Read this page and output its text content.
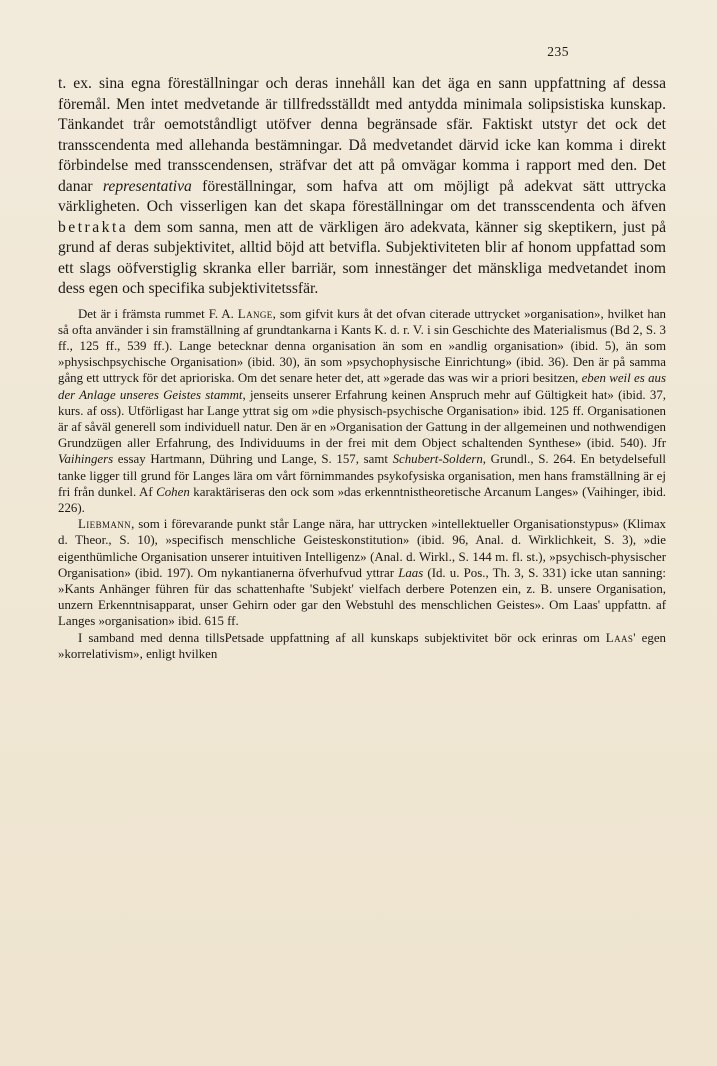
235

t. ex. sina egna föreställningar och deras innehåll kan det äga en sann uppfattning af dessa föremål. Men intet medvetande är tillfredsställdt med antydda minimala solipsistiska kunskap. Tänkandet trår oemotståndligt utöfver denna begränsade sfär. Faktiskt utstyr det ock det transscendenta med allehanda bestämningar. Då medvetandet därvid icke kan komma i direkt förbindelse med transscendensen, sträfvar det att på omvägar komma i rapport med den. Det danar representativa föreställningar, som hafva att om möjligt på adekvat sätt uttrycka värkligheten. Och visserligen kan det skapa föreställningar om det transscendenta och äfven betrakta dem som sanna, men att de värkligen äro adekvata, känner sig skeptikern, just på grund af deras subjektivitet, alltid böjd att betvifla. Subjektiviteten blir af honom uppfattad som ett slags oöfverstiglig skranka eller barriär, som innestänger det mänskliga medvetandet inom dess egen och specifika subjektivitetssfär.

Det är i främsta rummet F. A. Lange, som gifvit kurs åt det ofvan citerade uttrycket »organisation», hvilket han så ofta använder i sin framställning af grundtankarna i Kants K. d. r. V. i sin Geschichte des Materialismus (Bd 2, S. 3 ff., 125 ff., 539 ff.). Lange betecknar denna organisation än som en »andlig organisation» (ibid. 5), än som »physischpsychische Organisation» (ibid. 30), än som »psychophysische Einrichtung» (ibid. 36). Den är på samma gång ett uttryck för det aprioriska. Om det senare heter det, att »gerade das was wir a priori besitzen, eben weil es aus der Anlage unseres Geistes stammt, jenseits unserer Erfahrung keinen Anspruch mehr auf Gültigkeit hat» (ibid. 37, kurs. af oss). Utförligast har Lange yttrat sig om »die physisch-psychische Organisation» ibid. 125 ff. Organisationen är af såväl generell som individuell natur. Den är en »Organisation der Gattung in der allgemeinen und nothwendigen Grundzügen aller Erfahrung, des Individuums in der frei mit dem Object schaltenden Synthese» (ibid. 540). Jfr Vaihingers essay Hartmann, Dühring und Lange, S. 157, samt Schubert-Soldern, Grundl., S. 264. En betydelsefull tanke ligger till grund för Langes lära om vårt förnimmandes psykofysiska organisation, men hans framställning är ej fri från dunkel. Af Cohen karaktäriseras den ock som »das erkenntnistheoretische Arcanum Langes» (Vaihinger, ibid. 226).

Liebmann, som i förevarande punkt står Lange nära, har uttrycken »intellektueller Organisationstypus» (Klimax d. Theor., S. 10), »specifisch menschliche Geisteskonstitution» (ibid. 96, Anal. d. Wirklichkeit, S. 3), »die eigenthümliche Organisation unserer intuitiven Intelligenz» (Anal. d. Wirkl., S. 144 m. fl. st.), »psychisch-physischer Organisation» (ibid. 197). Om nykantianerna öfverhufvud yttrar Laas (Id. u. Pos., Th. 3, S. 331) icke utan sanning: »Kants Anhänger führen für das schattenhafte 'Subjekt' vielfach derbere Potenzen ein, z. B. unsere Organisation, unzern Erkenntnisapparat, unser Gehirn oder gar den Webstuhl des menschlichen Geistes». Om Laas' uppfattn. af Langes »organisation» ibid. 615 ff.

I samband med denna tillsPetsade uppfattning af all kunskaps subjektivitet bör ock erinras om Laas' egen »korrelativism», enligt hvilken
